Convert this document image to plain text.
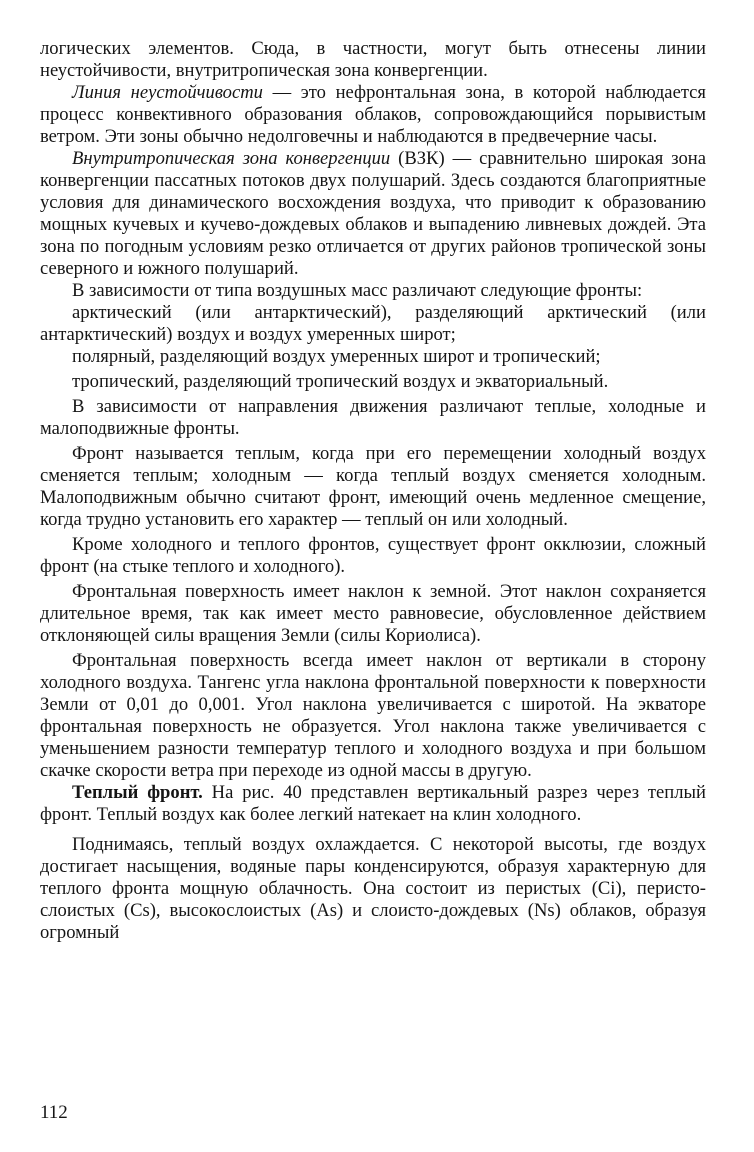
логических элементов. Сюда, в частности, могут быть отнесены линии неустойчивости, внутритропическая зона конвергенции.

Линия неустойчивости — это нефронтальная зона, в которой наблюдается процесс конвективного образования облаков, сопровождающийся порывистым ветром. Эти зоны обычно недолговечны и наблюдаются в предвечерние часы.

Внутритропическая зона конвергенции (ВЗК) — сравнительно широкая зона конвергенции пассатных потоков двух полушарий. Здесь создаются благоприятные условия для динамического восхождения воздуха, что приводит к образованию мощных кучевых и кучево-дождевых облаков и выпадению ливневых дождей. Эта зона по погодным условиям резко отличается от других районов тропической зоны северного и южного полушарий.

В зависимости от типа воздушных масс различают следующие фронты:

арктический (или антарктический), разделяющий арктический (или антарктический) воздух и воздух умеренных широт;

полярный, разделяющий воздух умеренных широт и тропический;

тропический, разделяющий тропический воздух и экваториальный.

В зависимости от направления движения различают теплые, холодные и малоподвижные фронты.

Фронт называется теплым, когда при его перемещении холодный воздух сменяется теплым; холодным — когда теплый воздух сменяется холодным. Малоподвижным обычно считают фронт, имеющий очень медленное смещение, когда трудно установить его характер — теплый он или холодный.

Кроме холодного и теплого фронтов, существует фронт окклюзии, сложный фронт (на стыке теплого и холодного).

Фронтальная поверхность имеет наклон к земной. Этот наклон сохраняется длительное время, так как имеет место равновесие, обусловленное действием отклоняющей силы вращения Земли (силы Кориолиса).

Фронтальная поверхность всегда имеет наклон от вертикали в сторону холодного воздуха. Тангенс угла наклона фронтальной поверхности к поверхности Земли от 0,01 до 0,001. Угол наклона увеличивается с широтой. На экваторе фронтальная поверхность не образуется. Угол наклона также увеличивается с уменьшением разности температур теплого и холодного воздуха и при большом скачке скорости ветра при переходе из одной массы в другую.

Теплый фронт. На рис. 40 представлен вертикальный разрез через теплый фронт. Теплый воздух как более легкий натекает на клин холодного.

Поднимаясь, теплый воздух охлаждается. С некоторой высоты, где воздух достигает насыщения, водяные пары конденсируются, образуя характерную для теплого фронта мощную облачность. Она состоит из перистых (Ci), перисто-слоистых (Cs), высокослоистых (As) и слоисто-дождевых (Ns) облаков, образуя огромный

112
